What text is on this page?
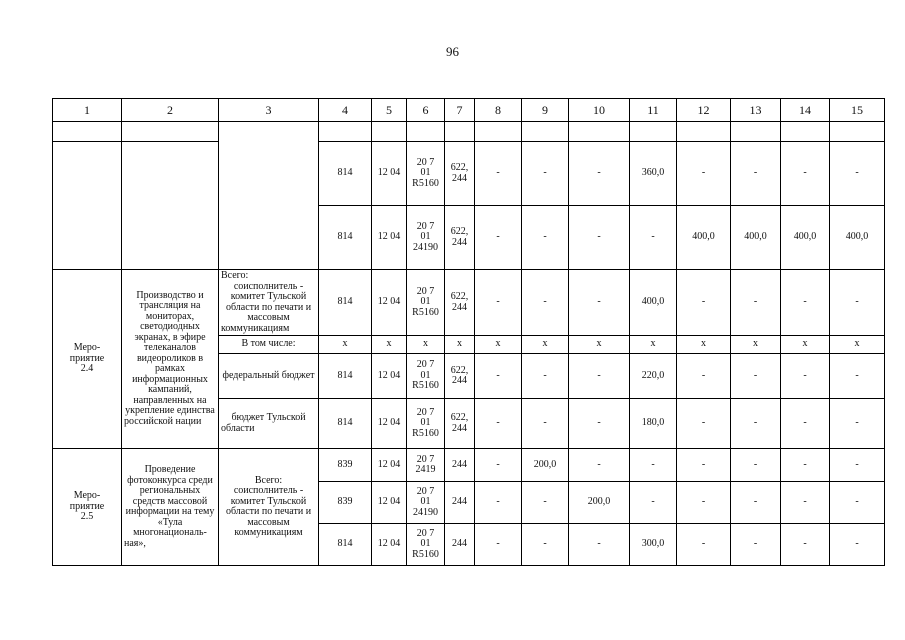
96
1	2	3	4	5	6	7	8	9	10	11	12	13	14	15

			814	12 04	20 7
01
R5160	622,
244	-	-	-	360,0	-	-	-	-
			814	12 04	20 7
01
24190	622,
244	-	-	-	-	400,0	400,0	400,0	400,0
Меро-
приятие
2.4	Производство и трансляция на мониторах, светодиодных экранах, в эфире телеканалов видеороликов в рамках информационных кампаний, направленных на укрепление единства российской нации	Всего:
соисполнитель - комитет Тульской области по печати и массовым коммуникациям	814	12 04	20 7
01
R5160	622,
244	-	-	-	400,0	-	-	-	-
		В том числе:	х	х	х	х	х	х	х	х	х	х	х	х
		федеральный бюджет	814	12 04	20 7
01
R5160	622,
244	-	-	-	220,0	-	-	-	-
		бюджет Тульской области	814	12 04	20 7
01
R5160	622,
244	-	-	-	180,0	-	-	-	-
Меро-
приятие
2.5	Проведение фотоконкурса среди региональных средств массовой информации на тему «Тула многонациональ-ная»,	Всего:
соисполнитель - комитет Тульской области по печати и массовым коммуникациям	839	12 04	20 7
2419	244	-	200,0	-	-	-	-	-	-
			839	12 04	20 7
01
24190	244	-	-	200,0	-	-	-	-	-
			814	12 04	20 7
01
R5160	244	-	-	-	300,0	-	-	-	-
